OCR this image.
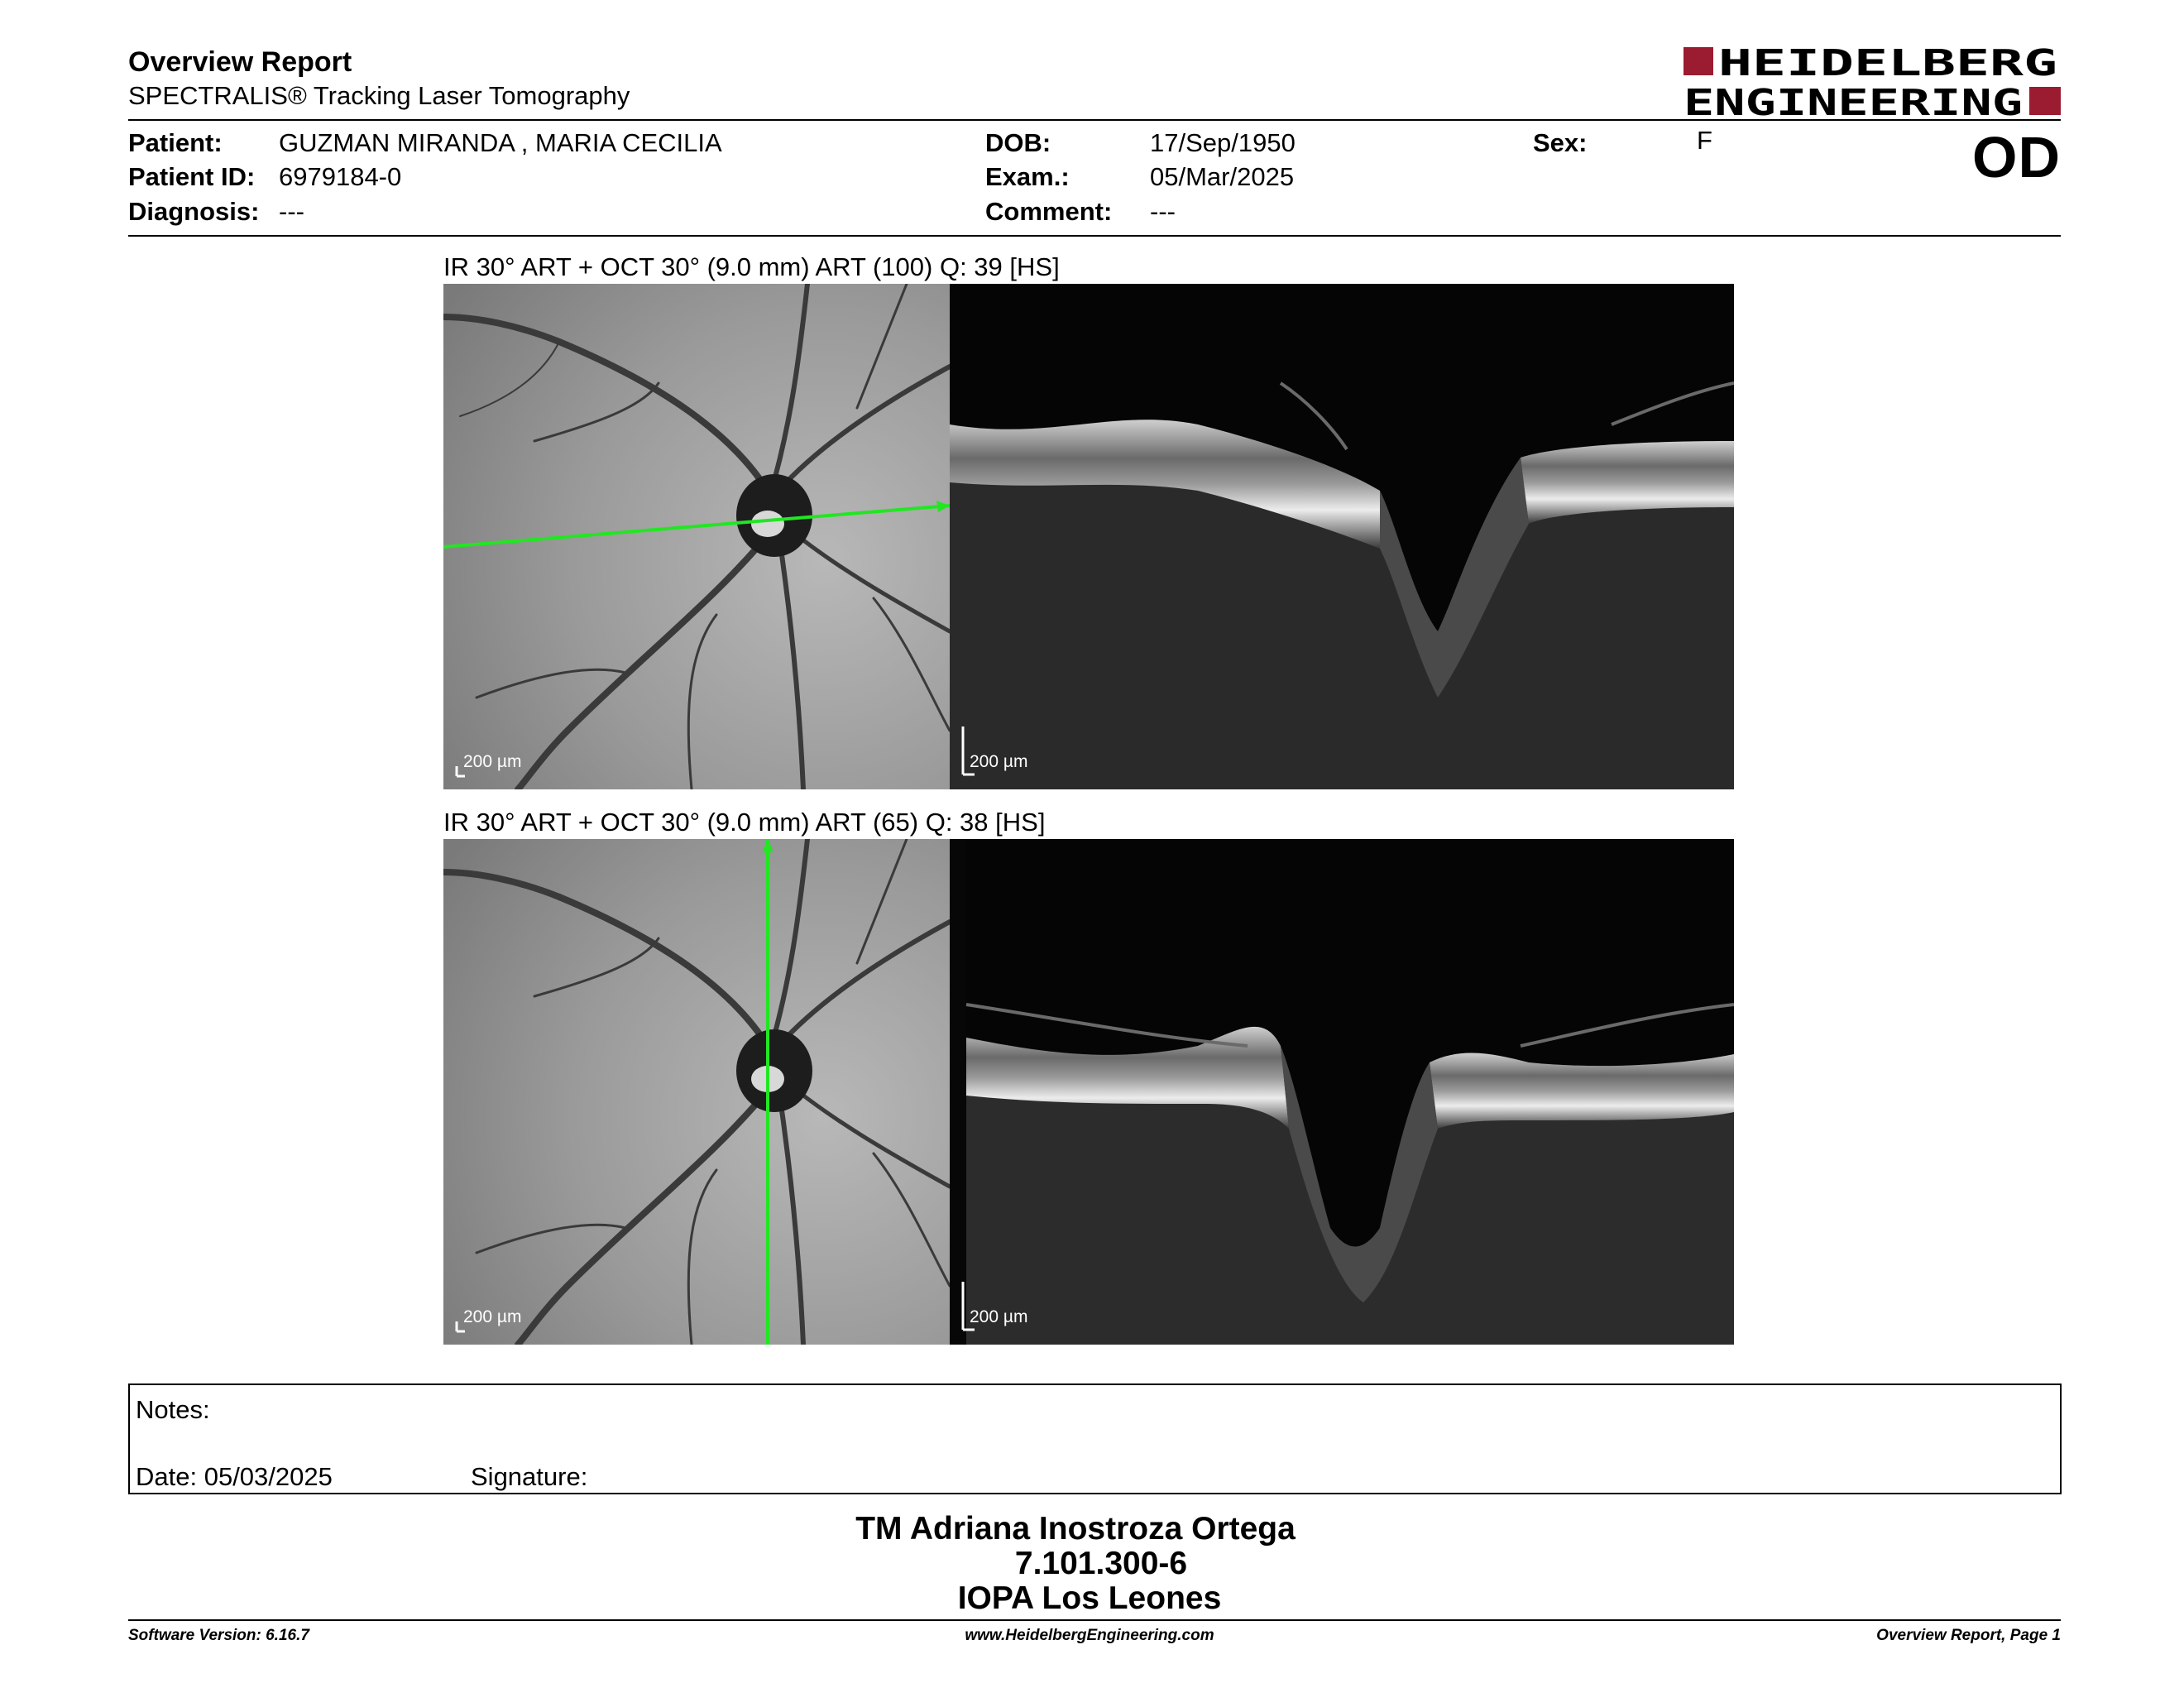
Overview Report
SPECTRALIS® Tracking Laser Tomography
HEIDELBERG
ENGINEERING
Patient: GUZMAN MIRANDA , MARIA CECILIA
Patient ID: 6979184-0
Diagnosis: ---
DOB:	17/Sep/1950
Exam.:	05/Mar/2025
Comment: ---
Sex:	F	OD
IR 30° ART + OCT 30° (9.0 mm) ART (100) Q: 39 [HS]
200 µm	200 µm
IR 30° ART + OCT 30° (9.0 mm) ART (65) Q: 38 [HS]
200 µm	200 µm
Notes:
Date: 05/03/2025	Signature:
TM Adriana Inostroza Ortega
7.101.300-6
IOPA Los Leones
Software Version: 6.16.7	www.HeidelbergEngineering.com	Overview Report, Page 1
